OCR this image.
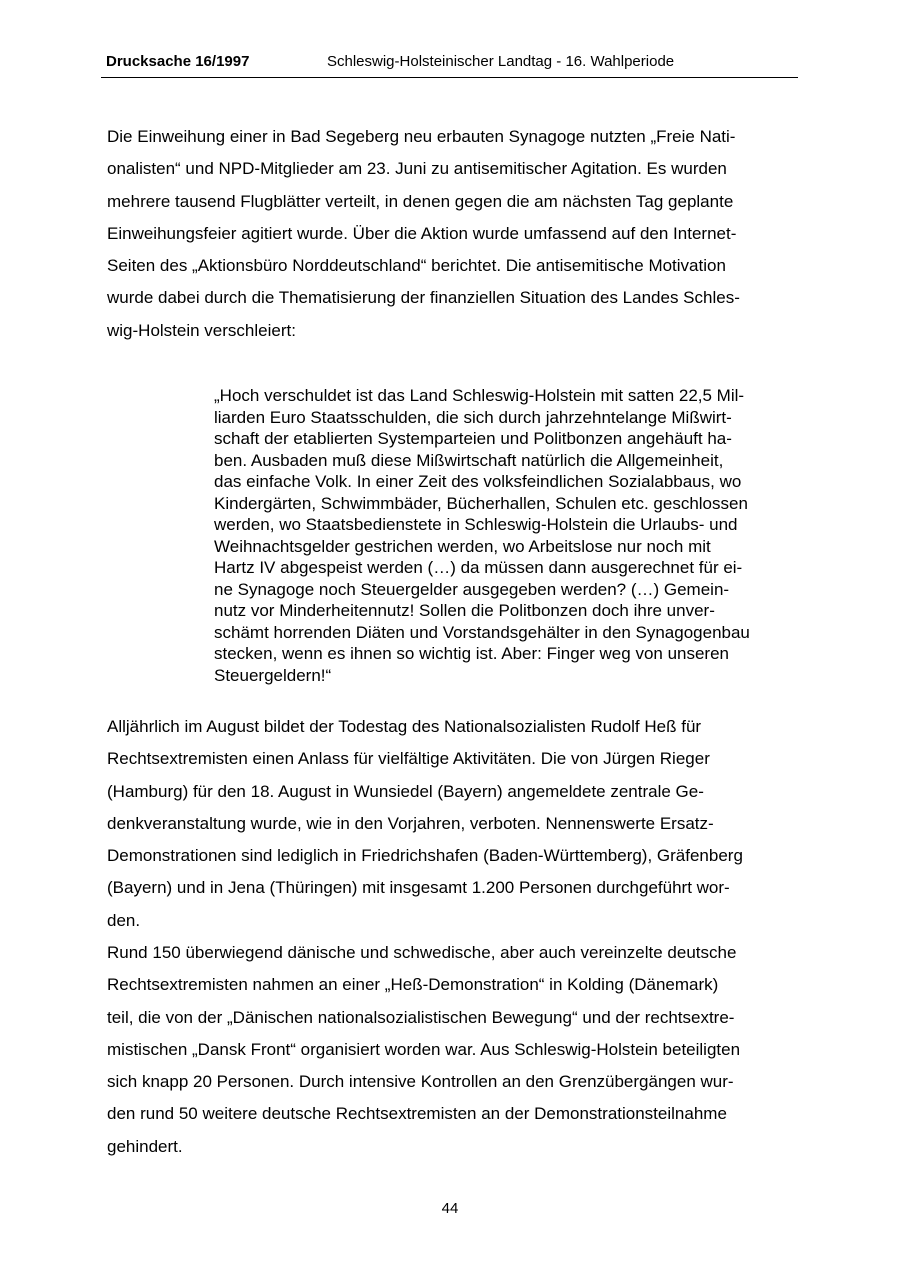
Drucksache 16/1997	Schleswig-Holsteinischer Landtag - 16. Wahlperiode
Die Einweihung einer in Bad Segeberg neu erbauten Synagoge nutzten „Freie Nati-
onalisten“ und NPD-Mitglieder am 23. Juni zu antisemitischer Agitation. Es wurden
mehrere tausend Flugblätter verteilt, in denen gegen die am nächsten Tag geplante
Einweihungsfeier agitiert wurde. Über die Aktion wurde umfassend auf den Internet-
Seiten des „Aktionsbüro Norddeutschland“ berichtet. Die antisemitische Motivation
wurde dabei durch die Thematisierung der finanziellen Situation des Landes Schles-
wig-Holstein verschleiert:
„Hoch verschuldet ist das Land Schleswig-Holstein mit satten 22,5 Mil-
liarden Euro Staatsschulden, die sich durch jahrzehntelange Mißwirt-
schaft der etablierten Systemparteien und Politbonzen angehäuft ha-
ben. Ausbaden muß diese Mißwirtschaft natürlich die Allgemeinheit,
das einfache Volk. In einer Zeit des volksfeindlichen Sozialabbaus, wo
Kindergärten, Schwimmbäder, Bücherhallen, Schulen etc. geschlossen
werden, wo Staatsbedienstete in Schleswig-Holstein die Urlaubs- und
Weihnachtsgelder gestrichen werden, wo Arbeitslose nur noch mit
Hartz IV abgespeist werden (…) da müssen dann ausgerechnet für ei-
ne Synagoge noch Steuergelder ausgegeben werden? (…) Gemein-
nutz vor Minderheitennutz! Sollen die Politbonzen doch ihre unver-
schämt horrenden Diäten und Vorstandsgehälter in den Synagogenbau
stecken, wenn es ihnen so wichtig ist. Aber: Finger weg von unseren
Steuergeldern!“
Alljährlich im August bildet der Todestag des Nationalsozialisten Rudolf Heß für
Rechtsextremisten einen Anlass für vielfältige Aktivitäten. Die von Jürgen Rieger
(Hamburg) für den 18. August in Wunsiedel (Bayern) angemeldete zentrale Ge-
denkveranstaltung wurde, wie in den Vorjahren, verboten. Nennenswerte Ersatz-
Demonstrationen sind lediglich in Friedrichshafen (Baden-Württemberg), Gräfenberg
(Bayern) und in Jena (Thüringen) mit insgesamt 1.200 Personen durchgeführt wor-
den.
Rund 150 überwiegend dänische und schwedische, aber auch vereinzelte deutsche
Rechtsextremisten nahmen an einer „Heß-Demonstration“ in Kolding (Dänemark)
teil, die von der „Dänischen nationalsozialistischen Bewegung“ und der rechtsextre-
mistischen „Dansk Front“ organisiert worden war. Aus Schleswig-Holstein beteiligten
sich knapp 20 Personen. Durch intensive Kontrollen an den Grenzübergängen wur-
den rund 50 weitere deutsche Rechtsextremisten an der Demonstrationsteilnahme
gehindert.
44
